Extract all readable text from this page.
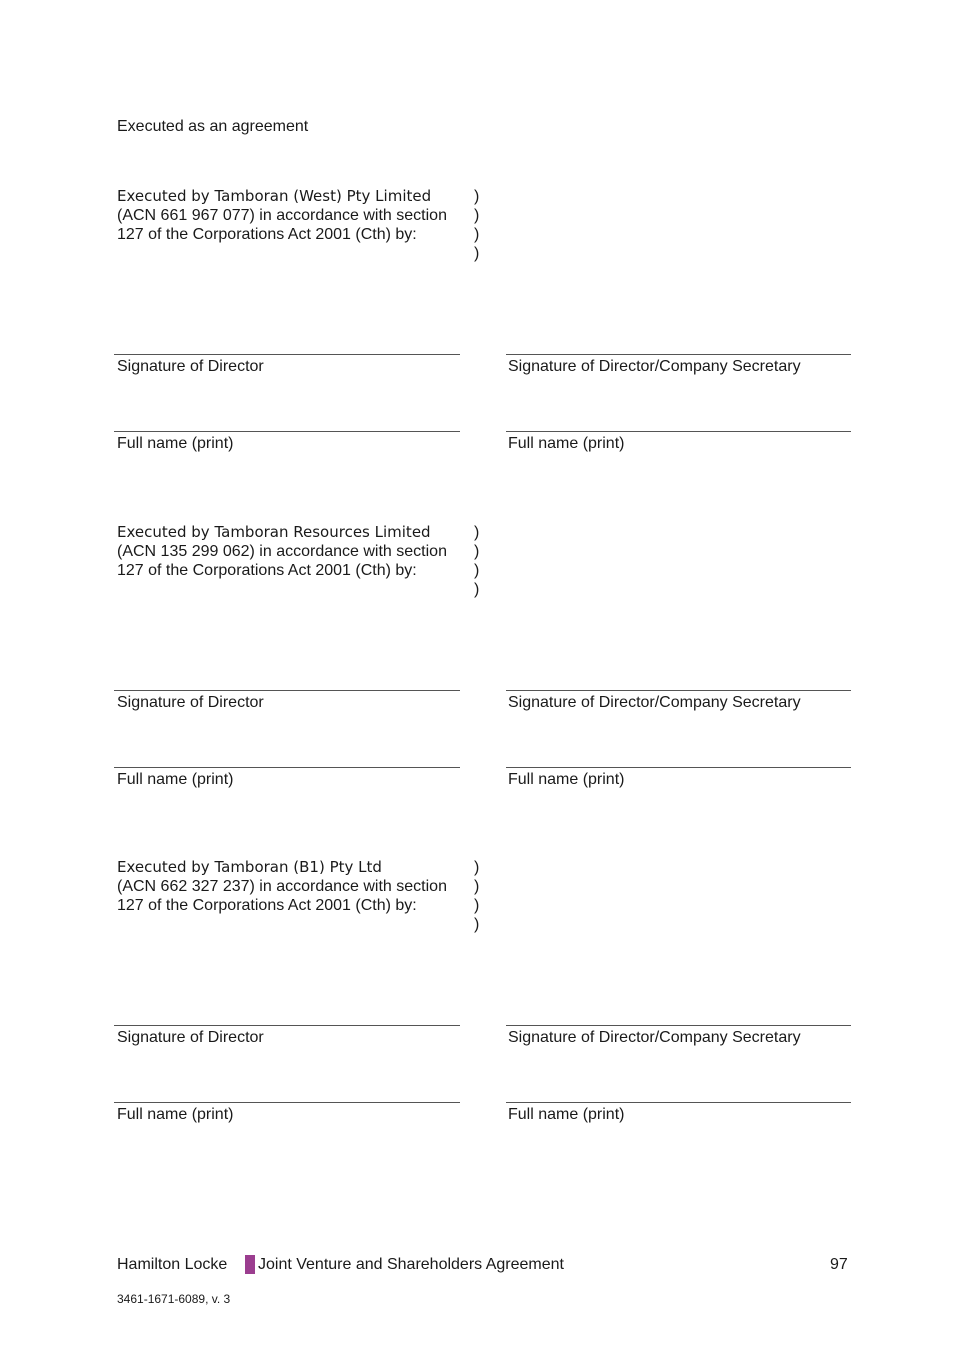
Executed as an agreement
Executed by Tamboran (West) Pty Limited
(ACN 661 967 077) in accordance with section
127 of the Corporations Act 2001 (Cth) by:
)
)
)
)
Signature of Director	Signature of Director/Company Secretary
Full name (print)	Full name (print)
Executed by Tamboran Resources Limited
(ACN 135 299 062) in accordance with section
127 of the Corporations Act 2001 (Cth) by:
)
)
)
)
Signature of Director	Signature of Director/Company Secretary
Full name (print)	Full name (print)
Executed by Tamboran (B1) Pty Ltd
(ACN 662 327 237) in accordance with section
127 of the Corporations Act 2001 (Cth) by:
)
)
)
)
Signature of Director	Signature of Director/Company Secretary
Full name (print)	Full name (print)
Hamilton Locke Joint Venture and Shareholders Agreement	97
3461-1671-6089, v. 3
